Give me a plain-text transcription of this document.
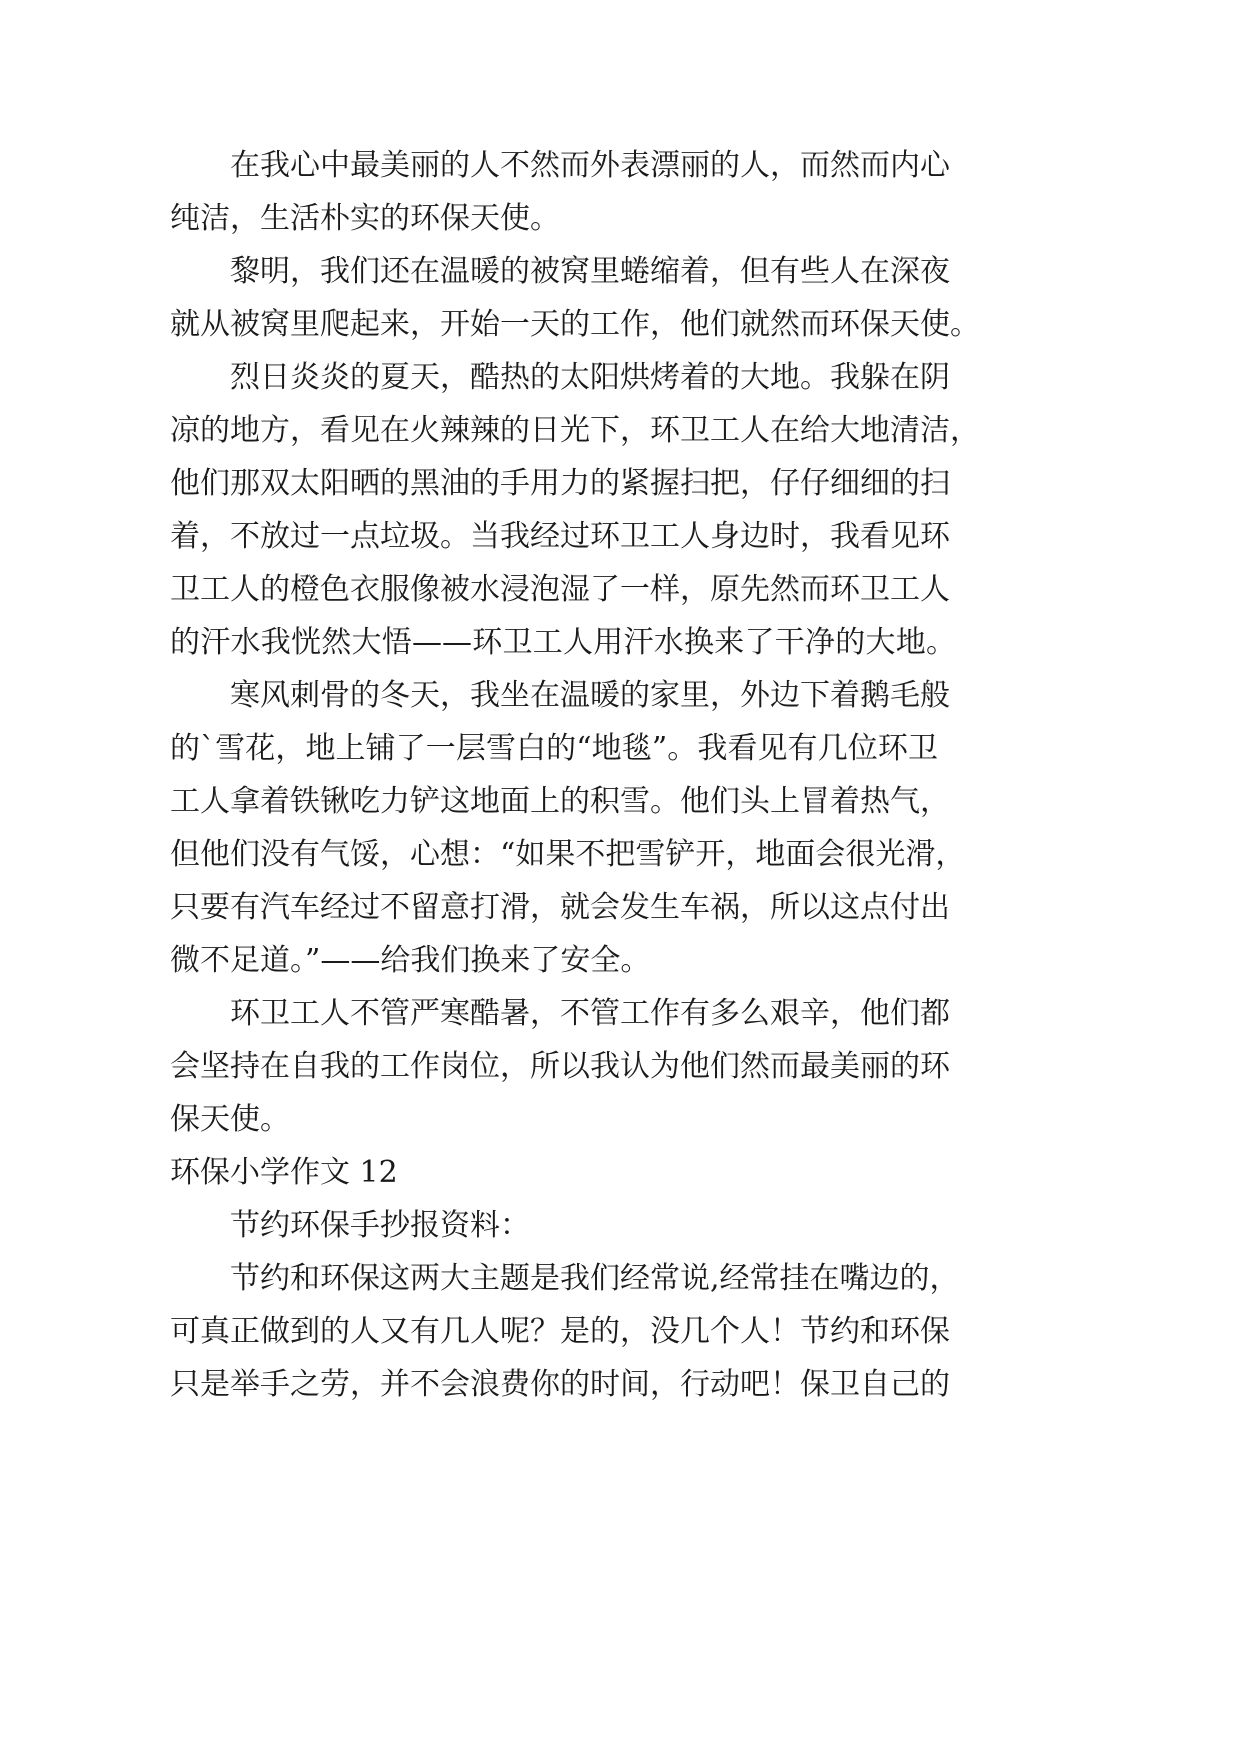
在我心中最美丽的人不然而外表漂丽的人，而然而内心

纯洁，生活朴实的环保天使。

黎明，我们还在温暖的被窝里蜷缩着，但有些人在深夜

就从被窝里爬起来，开始一天的工作，他们就然而环保天使。

烈日炎炎的夏天，酷热的太阳烘烤着的大地。我躲在阴

凉的地方，看见在火辣辣的日光下，环卫工人在给大地清洁，

他们那双太阳晒的黑油的手用力的紧握扫把，仔仔细细的扫

着，不放过一点垃圾。当我经过环卫工人身边时，我看见环

卫工人的橙色衣服像被水浸泡湿了一样，原先然而环卫工人

的汗水我恍然大悟——环卫工人用汗水换来了干净的大地。

寒风刺骨的冬天，我坐在温暖的家里，外边下着鹅毛般

的`雪花，地上铺了一层雪白的“地毯”。我看见有几位环卫

工人拿着铁锹吃力铲这地面上的积雪。他们头上冒着热气，

但他们没有气馁，心想：“如果不把雪铲开，地面会很光滑，

只要有汽车经过不留意打滑，就会发生车祸，所以这点付出

微不足道。”——给我们换来了安全。

环卫工人不管严寒酷暑，不管工作有多么艰辛，他们都

会坚持在自我的工作岗位，所以我认为他们然而最美丽的环

保天使。

环保小学作文 12

节约环保手抄报资料：

节约和环保这两大主题是我们经常说,经常挂在嘴边的，

可真正做到的人又有几人呢？是的，没几个人！节约和环保

只是举手之劳，并不会浪费你的时间，行动吧！保卫自己的
